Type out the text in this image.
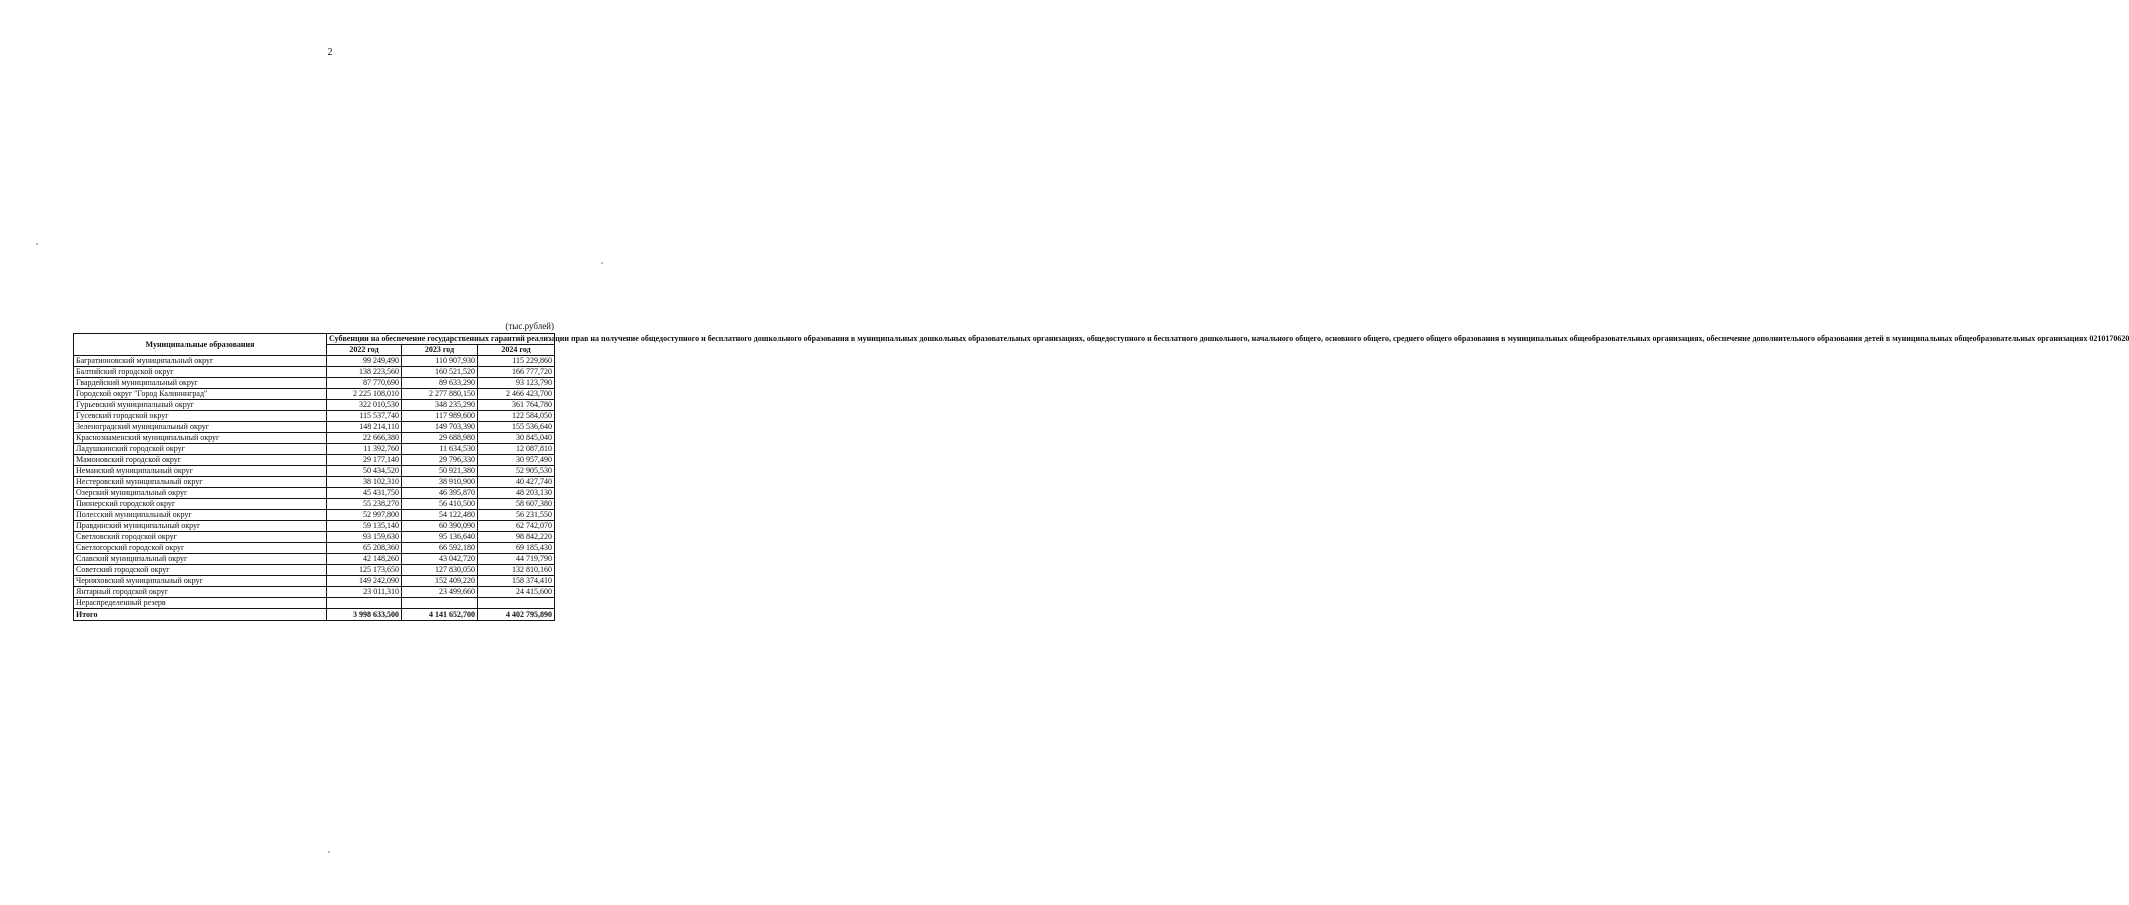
2
(тыс.рублей)
Муниципальные образования	Субвенции на обеспечение государственных гарантий реализации прав на получение общедоступного и бесплатного дошкольного образования в муниципальных дошкольных образовательных организациях, общедоступного и бесплатного дошкольного, начального общего, основного общего, среднего общего образования в муниципальных общеобразовательных организациях, обеспечение дополнительного образования детей в муниципальных общеобразовательных организациях 0210170620		
	2022 год	2023 год	2024 год
Багратионовский муниципальный округ	99 249,490	110 907,930	115 229,860
Балтийский городской округ	138 223,560	160 521,520	166 777,720
Гвардейский муниципальный округ	87 770,690	89 633,290	93 123,790
Городской округ "Город Калининград"	2 225 108,010	2 277 880,150	2 466 423,700
Гурьевский муниципальный округ	322 010,530	348 235,290	361 764,780
Гусевский городской округ	115 537,740	117 989,600	122 584,050
Зеленоградский муниципальный округ	148 214,110	149 703,390	155 536,640
Краснознаменский муниципальный округ	22 666,380	29 688,980	30 845,040
Ладушкинский городской округ	11 392,760	11 634,530	12 087,810
Мамоновский городской округ	29 177,140	29 796,330	30 957,490
Неманский муниципальный округ	50 434,520	50 921,380	52 905,530
Нестеровский муниципальный округ	38 102,310	38 910,900	40 427,740
Озерский муниципальный округ	45 431,750	46 395,870	48 203,130
Пионерский городской округ	55 238,270	56 410,500	58 607,380
Полесский муниципальный округ	52 997,800	54 122,480	56 231,550
Правдинский муниципальный округ	59 135,140	60 390,090	62 742,070
Светловский городской округ	93 159,630	95 136,640	98 842,220
Светлогорский городской округ	65 208,360	66 592,180	69 185,430
Славский муниципальный округ	42 148,260	43 042,720	44 719,790
Советский городской округ	125 173,650	127 830,050	132 810,160
Черняховский муниципальный округ	149 242,090	152 409,220	158 374,410
Янтарный городской округ	23 011,310	23 499,660	24 415,600
Нераспределенный резерв			
Итого	3 998 633,500	4 141 652,700	4 402 795,890
